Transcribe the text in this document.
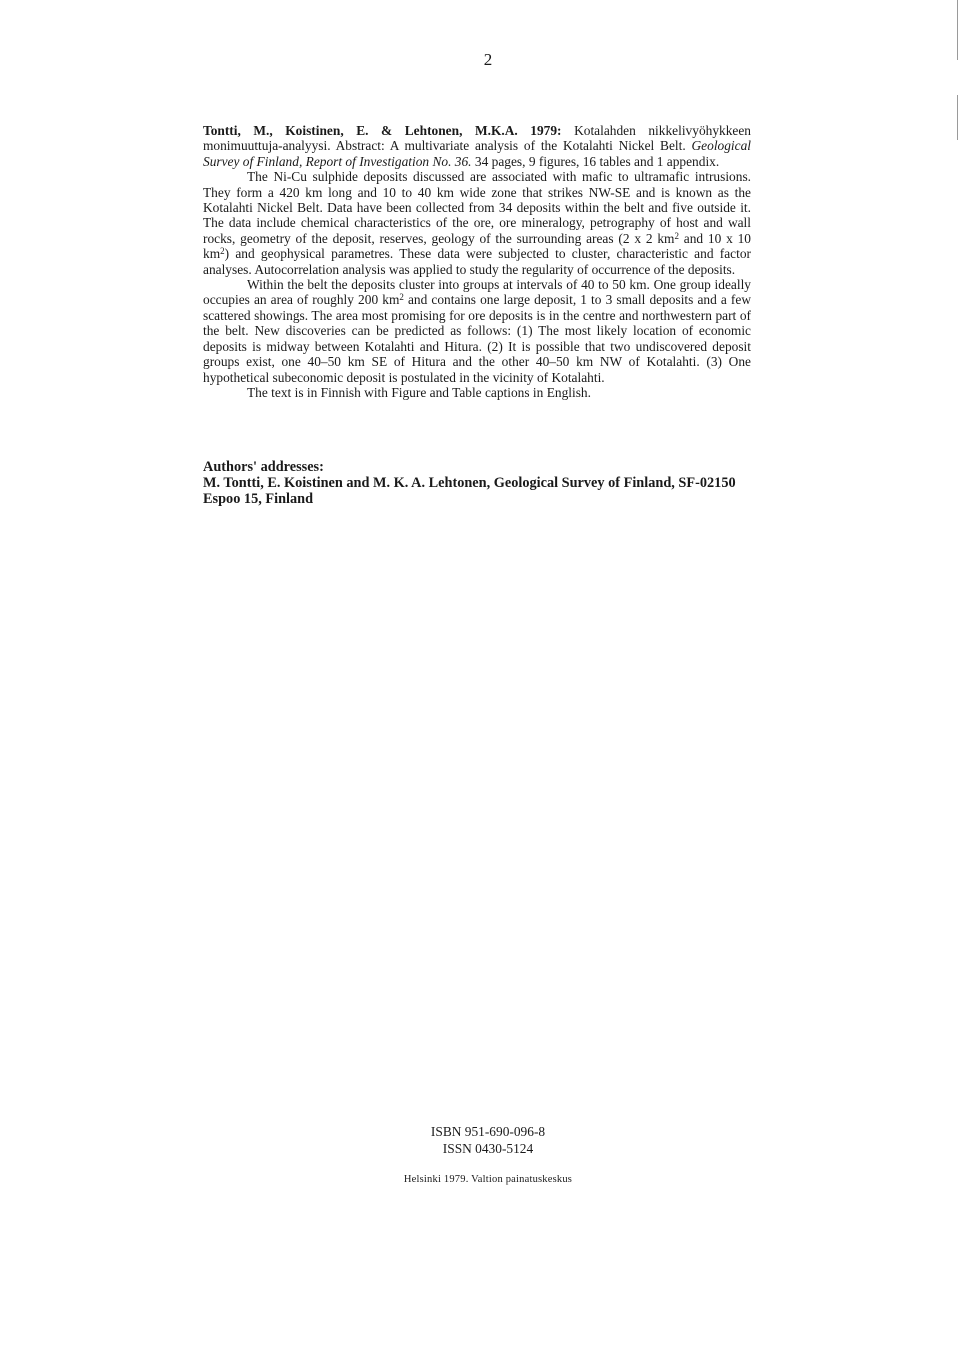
2

Tontti, M., Koistinen, E. & Lehtonen, M.K.A. 1979: Kotalahden nikkelivyöhykkeen monimuuttuja-analyysi. Abstract: A multivariate analysis of the Kotalahti Nickel Belt. Geological Survey of Finland, Report of Investigation No. 36. 34 pages, 9 figures, 16 tables and 1 appendix.

The Ni-Cu sulphide deposits discussed are associated with mafic to ultramafic intrusions. They form a 420 km long and 10 to 40 km wide zone that strikes NW-SE and is known as the Kotalahti Nickel Belt. Data have been collected from 34 deposits within the belt and five outside it. The data include chemical characteristics of the ore, ore mineralogy, petrography of host and wall rocks, geometry of the deposit, reserves, geology of the surrounding areas (2 x 2 $km^2$ and 10 x 10 $km^2$) and geophysical parametres. These data were subjected to cluster, characteristic and factor analyses. Autocorrelation analysis was applied to study the regularity of occurrence of the deposits.

Within the belt the deposits cluster into groups at intervals of 40 to 50 km. One group ideally occupies an area of roughly 200 $km^2$ and contains one large deposit, 1 to 3 small deposits and a few scattered showings. The area most promising for ore deposits is in the centre and northwestern part of the belt. New discoveries can be predicted as follows: (1) The most likely location of economic deposits is midway between Kotalahti and Hitura. (2) It is possible that two undiscovered deposit groups exist, one 40–50 km SE of Hitura and the other 40–50 km NW of Kotalahti. (3) One hypothetical subeconomic deposit is postulated in the vicinity of Kotalahti.

The text is in Finnish with Figure and Table captions in English.

Authors' addresses:
M. Tontti, E. Koistinen and M. K. A. Lehtonen, Geological Survey of Finland, SF-02150 Espoo 15, Finland
ISBN 951-690-096-8
ISSN 0430-5124
Helsinki 1979. Valtion painatuskeskus
